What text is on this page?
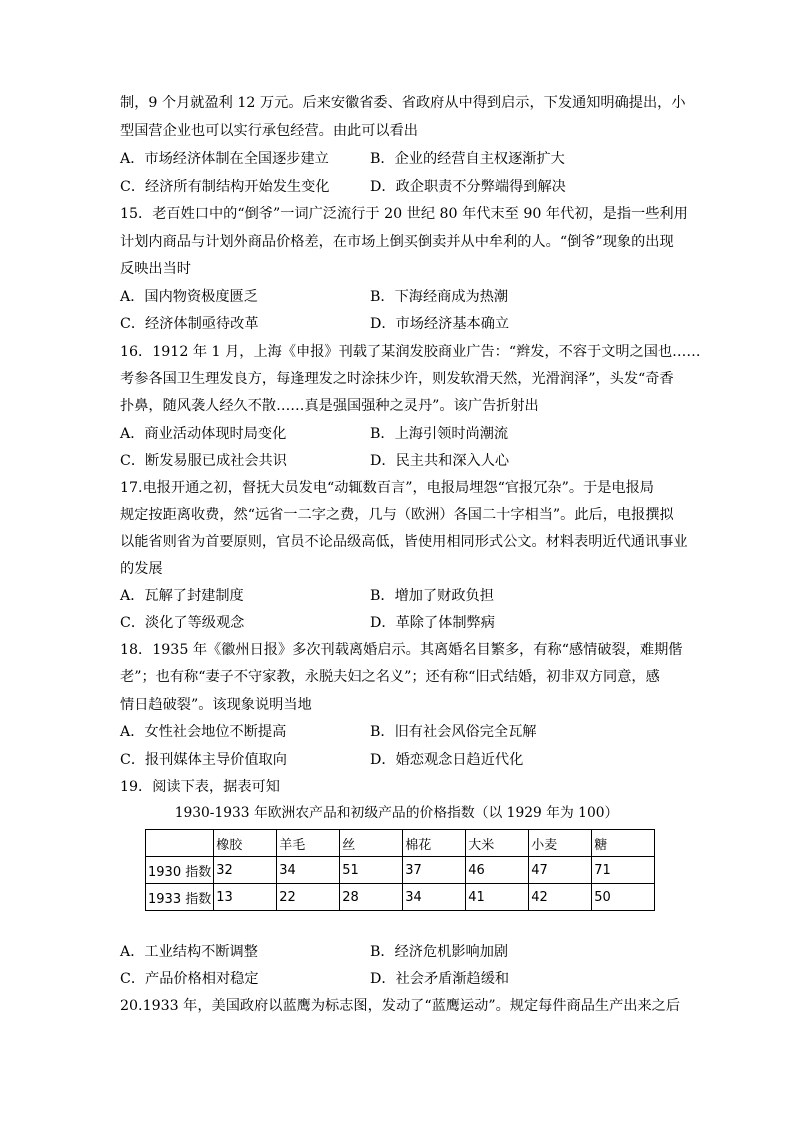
制，9 个月就盈利 12 万元。后来安徽省委、省政府从中得到启示，下发通知明确提出，小
型国营企业也可以实行承包经营。由此可以看出
A．市场经济体制在全国逐步建立	B．企业的经营自主权逐渐扩大
C．经济所有制结构开始发生变化	D．政企职责不分弊端得到解决
15．老百姓口中的“倒爷”一词广泛流行于 20 世纪 80 年代末至 90 年代初，是指一些利用
计划内商品与计划外商品价格差，在市场上倒买倒卖并从中牟利的人。“倒爷”现象的出现
反映出当时
A．国内物资极度匮乏	B．下海经商成为热潮
C．经济体制亟待改革	D．市场经济基本确立
16．1912 年 1 月，上海《申报》刊载了某润发胶商业广告：“辫发，不容于文明之国也……
考参各国卫生理发良方，每逢理发之时涂抹少许，则发软滑天然，光滑润泽”，头发“奇香
扑鼻，随风袭人经久不散……真是强国强种之灵丹”。该广告折射出
A．商业活动体现时局变化	B．上海引领时尚潮流
C．断发易服已成社会共识	D．民主共和深入人心
17.电报开通之初，督抚大员发电“动辄数百言”，电报局埋怨“官报冗杂”。于是电报局
规定按距离收费，然“远省一二字之费，几与（欧洲）各国二十字相当”。此后，电报撰拟
以能省则省为首要原则，官员不论品级高低，皆使用相同形式公文。材料表明近代通讯事业
的发展
A．瓦解了封建制度	B．增加了财政负担
C．淡化了等级观念	D．革除了体制弊病
18．1935 年《徽州日报》多次刊载离婚启示。其离婚名目繁多，有称“感情破裂，难期偕
老”；也有称“妻子不守家教，永脱夫妇之名义”；还有称“旧式结婚，初非双方同意，感
情日趋破裂”。该现象说明当地
A．女性社会地位不断提高	B．旧有社会风俗完全瓦解
C．报刊媒体主导价值取向	D．婚恋观念日趋近代化
19．阅读下表，据表可知
1930-1933 年欧洲农产品和初级产品的价格指数（以 1929 年为 100）
	橡胶	羊毛	丝	棉花	大米	小麦	糖
1930 指数	32	34	51	37	46	47	71
1933 指数	13	22	28	34	41	42	50
A．工业结构不断调整	B．经济危机影响加剧
C．产品价格相对稳定	D．社会矛盾渐趋缓和
20.1933 年，美国政府以蓝鹰为标志图，发动了“蓝鹰运动”。规定每件商品生产出来之后
